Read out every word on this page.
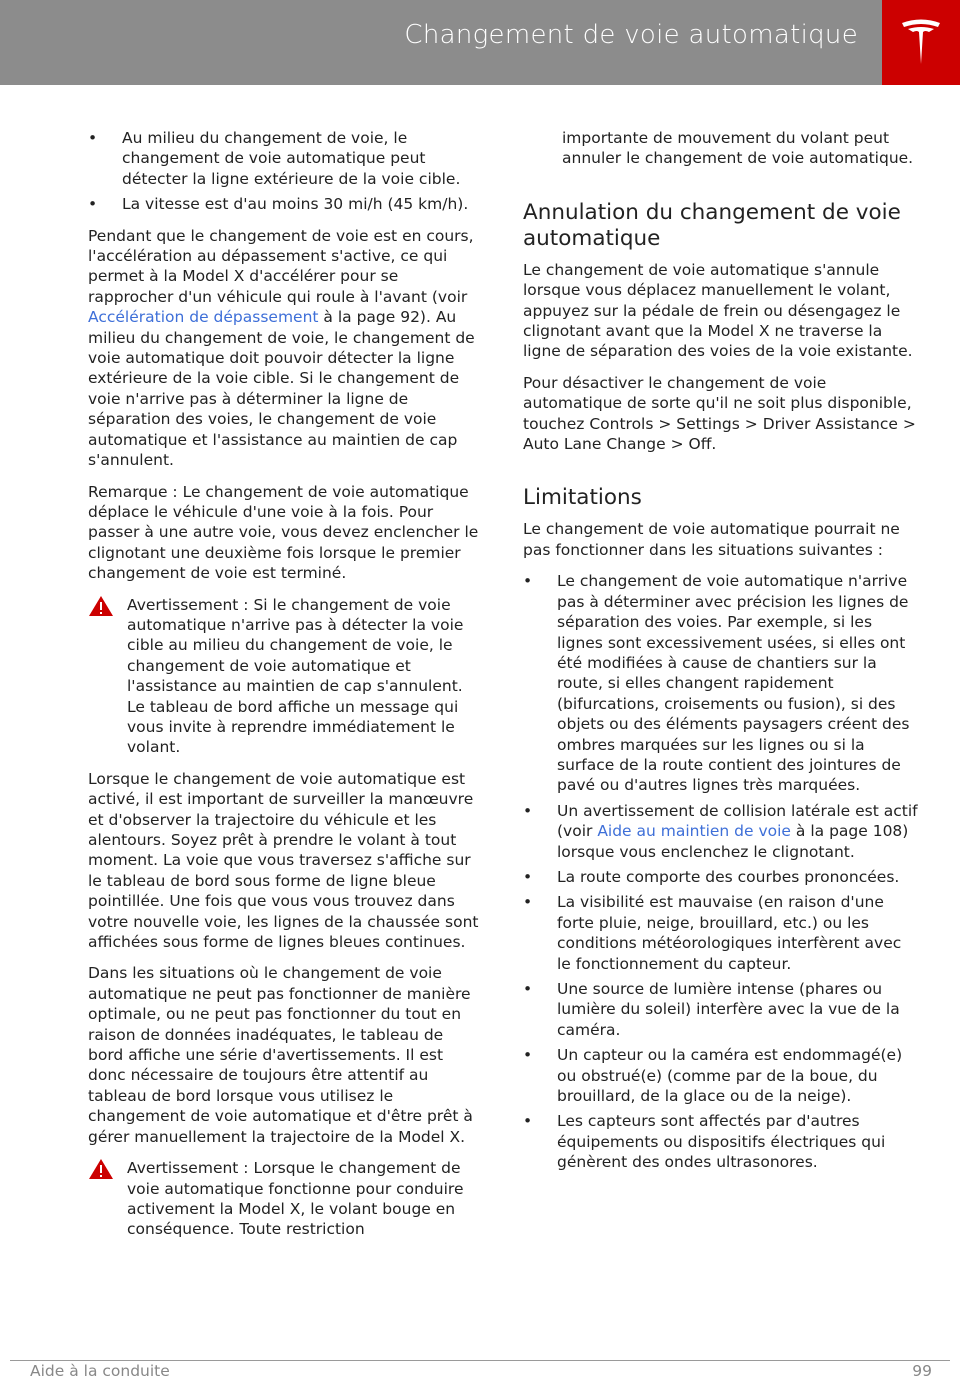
Changement de voie automatique
• Au milieu du changement de voie, le changement de voie automatique peut détecter la ligne extérieure de la voie cible.
• La vitesse est d'au moins 30 mi/h (45 km/h).

Pendant que le changement de voie est en cours, l'accélération au dépassement s'active, ce qui permet à la Model X d'accélérer pour se rapprocher d'un véhicule qui roule à l'avant (voir Accélération de dépassement à la page 92). Au milieu du changement de voie, le changement de voie automatique doit pouvoir détecter la ligne extérieure de la voie cible. Si le changement de voie n'arrive pas à déterminer la ligne de séparation des voies, le changement de voie automatique et l'assistance au maintien de cap s'annulent.

Remarque : Le changement de voie automatique déplace le véhicule d'une voie à la fois. Pour passer à une autre voie, vous devez enclencher le clignotant une deuxième fois lorsque le premier changement de voie est terminé.

Avertissement : Si le changement de voie automatique n'arrive pas à détecter la voie cible au milieu du changement de voie, le changement de voie automatique et l'assistance au maintien de cap s'annulent. Le tableau de bord affiche un message qui vous invite à reprendre immédiatement le volant.

Lorsque le changement de voie automatique est activé, il est important de surveiller la manœuvre et d'observer la trajectoire du véhicule et les alentours. Soyez prêt à prendre le volant à tout moment. La voie que vous traversez s'affiche sur le tableau de bord sous forme de ligne bleue pointillée. Une fois que vous vous trouvez dans votre nouvelle voie, les lignes de la chaussée sont affichées sous forme de lignes bleues continues.

Dans les situations où le changement de voie automatique ne peut pas fonctionner de manière optimale, ou ne peut pas fonctionner du tout en raison de données inadéquates, le tableau de bord affiche une série d'avertissements. Il est donc nécessaire de toujours être attentif au tableau de bord lorsque vous utilisez le changement de voie automatique et d'être prêt à gérer manuellement la trajectoire de la Model X.

Avertissement : Lorsque le changement de voie automatique fonctionne pour conduire activement la Model X, le volant bouge en conséquence. Toute restriction

importante de mouvement du volant peut annuler le changement de voie automatique.

Annulation du changement de voie automatique

Le changement de voie automatique s'annule lorsque vous déplacez manuellement le volant, appuyez sur la pédale de frein ou désengagez le clignotant avant que la Model X ne traverse la ligne de séparation des voies de la voie existante.

Pour désactiver le changement de voie automatique de sorte qu'il ne soit plus disponible, touchez Controls > Settings > Driver Assistance > Auto Lane Change > Off.

Limitations

Le changement de voie automatique pourrait ne pas fonctionner dans les situations suivantes :

• Le changement de voie automatique n'arrive pas à déterminer avec précision les lignes de séparation des voies. Par exemple, si les lignes sont excessivement usées, si elles ont été modifiées à cause de chantiers sur la route, si elles changent rapidement (bifurcations, croisements ou fusion), si des objets ou des éléments paysagers créent des ombres marquées sur les lignes ou si la surface de la route contient des jointures de pavé ou d'autres lignes très marquées.
• Un avertissement de collision latérale est actif (voir Aide au maintien de voie à la page 108) lorsque vous enclenchez le clignotant.
• La route comporte des courbes prononcées.
• La visibilité est mauvaise (en raison d'une forte pluie, neige, brouillard, etc.) ou les conditions météorologiques interfèrent avec le fonctionnement du capteur.
• Une source de lumière intense (phares ou lumière du soleil) interfère avec la vue de la caméra.
• Un capteur ou la caméra est endommagé(e) ou obstrué(e) (comme par de la boue, du brouillard, de la glace ou de la neige).
• Les capteurs sont affectés par d'autres équipements ou dispositifs électriques qui génèrent des ondes ultrasonores.
Aide à la conduite	99
